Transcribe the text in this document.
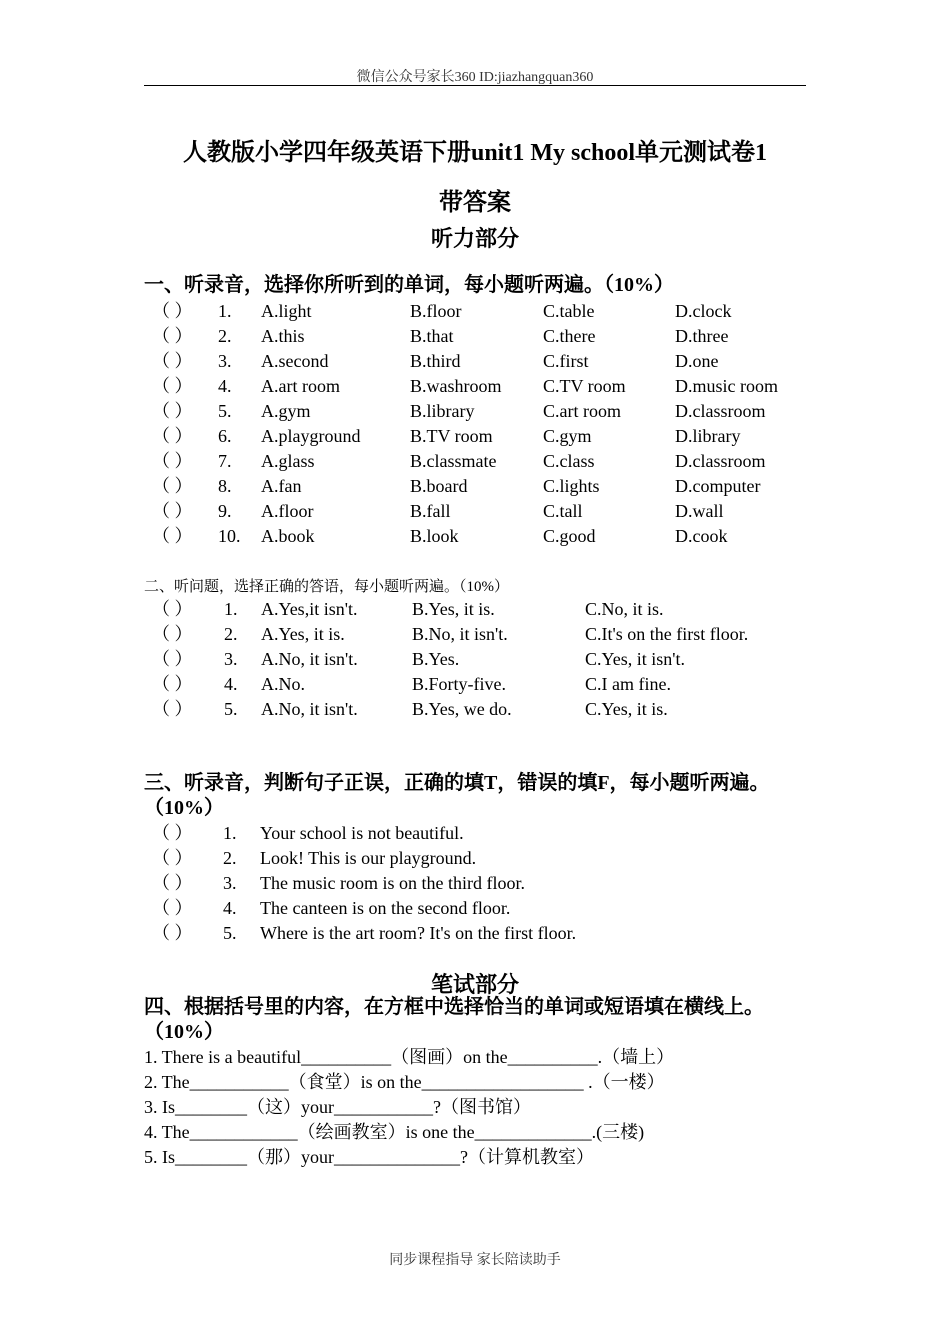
微信公众号家长360 ID:jiazhangquan360
人教版小学四年级英语下册unit1 My school单元测试卷1
带答案
听力部分
一、听录音，选择你所听到的单词，每小题听两遍。（10%）
（ ） 1. A.light	B.floor	C.table	D.clock
（ ） 2. A.this	B.that	C.there	D.three
（ ） 3. A.second	B.third	C.first	D.one
（ ） 4. A.art room	B.washroom C.TV room	D.music room
（ ） 5. A.gym	B.library	C.art room	D.classroom
（ ） 6. A.playground	B.TV room	C.gym	D.library
（ ） 7. A.glass	B.classmate	C.class	D.classroom
（ ） 8. A.fan	B.board	C.lights	D.computer
（ ） 9. A.floor	B.fall	C.tall	D.wall
（ ） 10. A.book	B.look	C.good	D.cook
二、听问题，选择正确的答语，每小题听两遍。（10%）
（ ） 1. A.Yes,it isn't.	B.Yes, it is.	C.No, it is.
（ ） 2. A.Yes, it is.	B.No, it isn't.	C.It's on the first floor.
（ ） 3. A.No, it isn't.	B.Yes.	C.Yes, it isn't.
（ ） 4. A.No.	B.Forty-five.	C.I am fine.
（ ） 5. A.No, it isn't.	B.Yes, we do.	C.Yes, it is.
三、听录音，判断句子正误，正确的填T，错误的填F，每小题听两遍。
（10%）
（ ） 1. Your school is not beautiful.
（ ） 2. Look! This is our playground.
（ ） 3. The music room is on the third floor.
（ ） 4. The canteen is on the second floor.
（ ） 5. Where is the art room? It's on the first floor.
笔试部分
四、根据括号里的内容，在方框中选择恰当的单词或短语填在横线上。
（10%）
1. There is a beautiful__________（图画）on the__________.（墙上）
2. The___________（食堂）is on the__________________ .（一楼）
3. Is________（这）your___________?（图书馆）
4. The____________（绘画教室）is one the_____________.(三楼)
5. Is________（那）your______________?（计算机教室）
同步课程指导 家长陪读助手
